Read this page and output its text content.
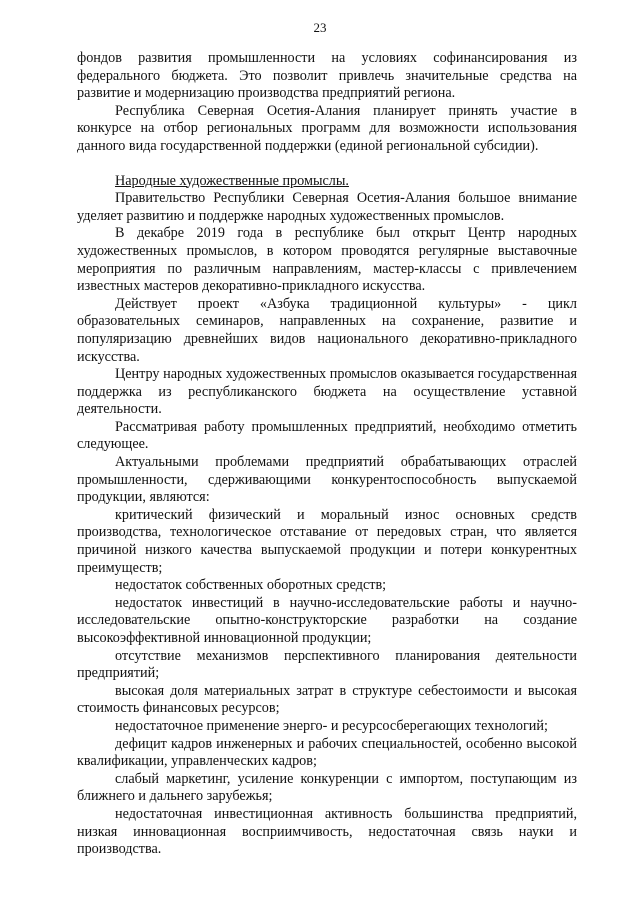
23

фондов развития промышленности на условиях софинансирования из федерального бюджета. Это позволит привлечь значительные средства на развитие и модернизацию производства предприятий региона.

Республика Северная Осетия-Алания планирует принять участие в конкурсе на отбор региональных программ для возможности использования данного вида государственной поддержки (единой региональной субсидии).

Народные художественные промыслы.

Правительство Республики Северная Осетия-Алания большое внимание уделяет развитию и поддержке народных художественных промыслов.

В декабре 2019 года в республике был открыт Центр народных художественных промыслов, в котором проводятся регулярные выставочные мероприятия по различным направлениям, мастер-классы с привлечением известных мастеров декоративно-прикладного искусства.

Действует проект «Азбука традиционной культуры» - цикл образовательных семинаров, направленных на сохранение, развитие и популяризацию древнейших видов национального декоративно-прикладного искусства.

Центру народных художественных промыслов оказывается государственная поддержка из республиканского бюджета на осуществление уставной деятельности.

Рассматривая работу промышленных предприятий, необходимо отметить следующее.

Актуальными проблемами предприятий обрабатывающих отраслей промышленности, сдерживающими конкурентоспособность выпускаемой продукции, являются:

критический физический и моральный износ основных средств производства, технологическое отставание от передовых стран, что является причиной низкого качества выпускаемой продукции и потери конкурентных преимуществ;

недостаток собственных оборотных средств;

недостаток инвестиций в научно-исследовательские работы и научно-исследовательские опытно-конструкторские разработки на создание высокоэффективной инновационной продукции;

отсутствие механизмов перспективного планирования деятельности предприятий;

высокая доля материальных затрат в структуре себестоимости и высокая стоимость финансовых ресурсов;

недостаточное применение энерго- и ресурсосберегающих технологий;

дефицит кадров инженерных и рабочих специальностей, особенно высокой квалификации, управленческих кадров;

слабый маркетинг, усиление конкуренции с импортом, поступающим из ближнего и дальнего зарубежья;

недостаточная инвестиционная активность большинства предприятий, низкая инновационная восприимчивость, недостаточная связь науки и производства.
